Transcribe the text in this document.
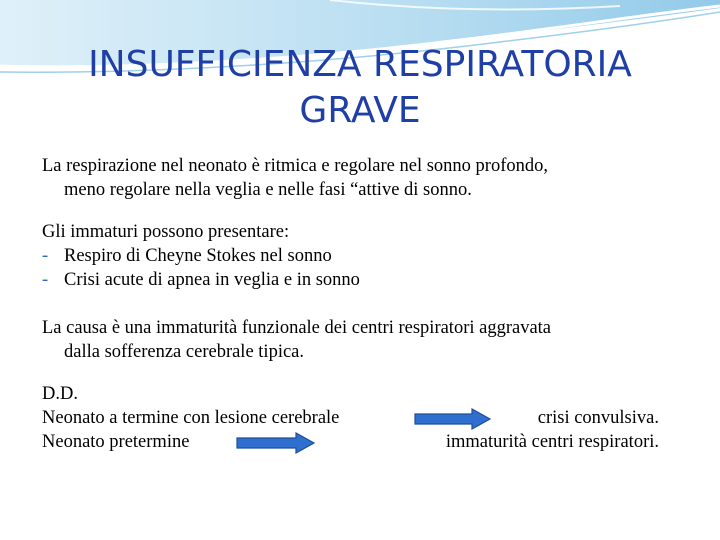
INSUFFICIENZA RESPIRATORIA
GRAVE
La respirazione nel neonato è ritmica e regolare nel sonno profondo,
meno regolare nella veglia e nelle fasi “attive di sonno.
Gli immaturi possono presentare:
- Respiro di Cheyne Stokes nel sonno
- Crisi acute di apnea in veglia e in sonno
La causa è una immaturità funzionale dei centri respiratori aggravata
dalla sofferenza cerebrale tipica.
D.D.
Neonato a termine con lesione cerebrale	crisi convulsiva.
Neonato pretermine	immaturità centri respiratori.
